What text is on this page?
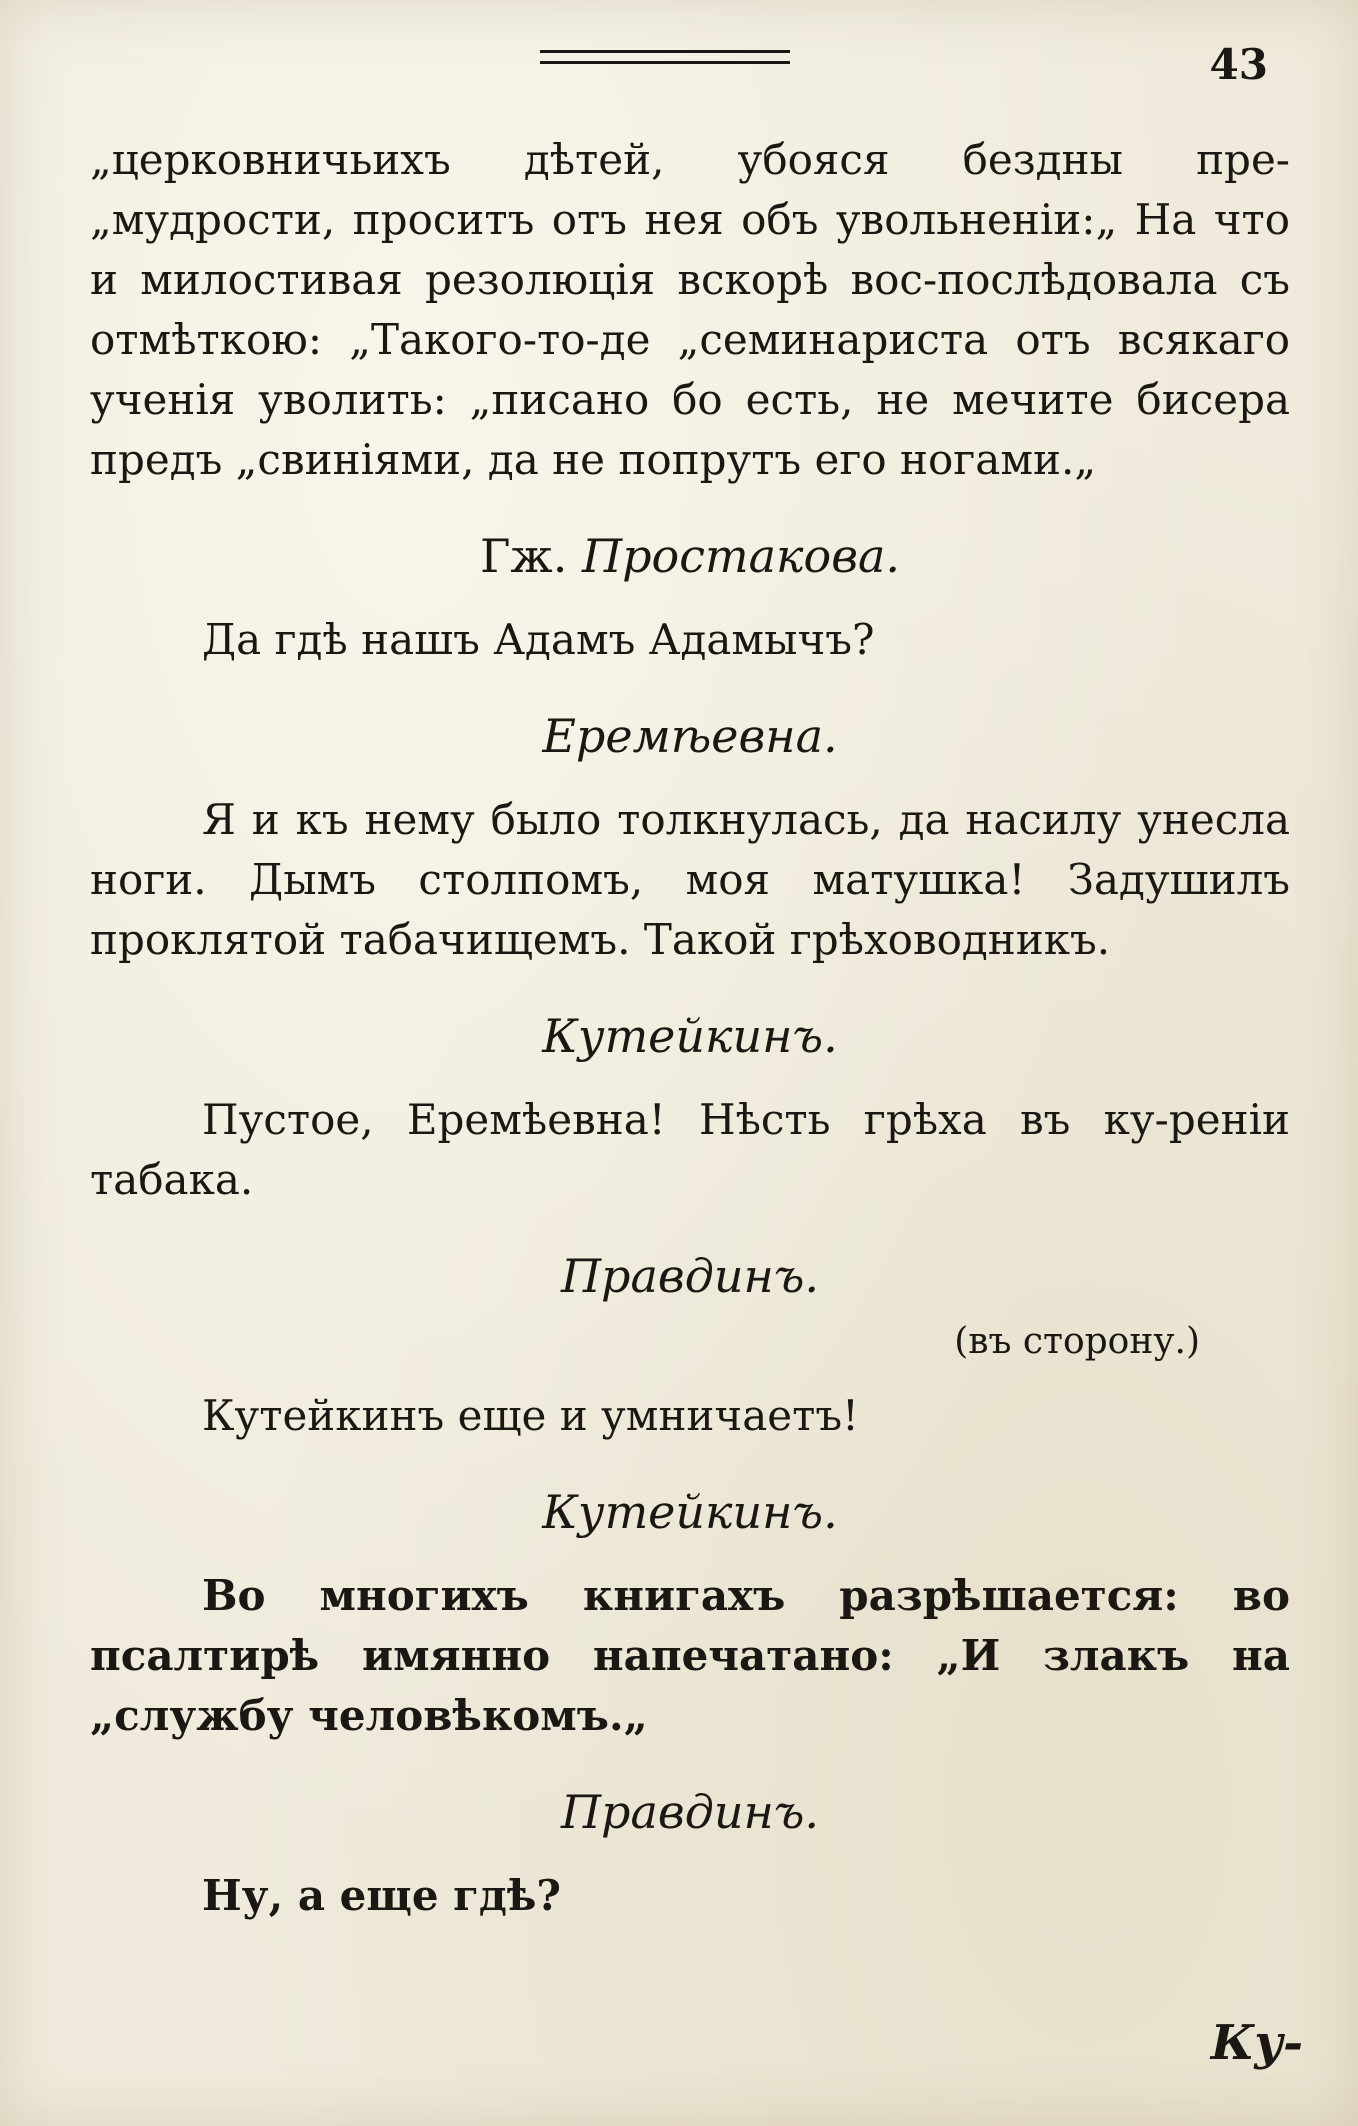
43

„церковничьихъ дѣтей, убояся бездны пре-„мудрости, проситъ отъ нея объ увольненіи:„ На что и милостивая резолюція вскорѣ вос-послѣдовала съ отмѣткою: „Такого-то-де „семинариста отъ всякаго ученія уволить: „писано бо есть, не мечите бисера предъ „свиніями, да не попрутъ его ногами.„

Гж. Простакова.

Да гдѣ нашъ Адамъ Адамычъ?

Еремѣевна.

Я и къ нему было толкнулась, да насилу унесла ноги. Дымъ столпомъ, моя матушка! Задушилъ проклятой табачищемъ. Такой грѣховодникъ.

Кутейкинъ.

Пустое, Еремѣевна! Нѣсть грѣха въ ку-реніи табака.

Правдинъ.
(въ сторону.)

Кутейкинъ еще и умничаетъ!

Кутейкинъ.

Во многихъ книгахъ разрѣшается: во псалтирѣ имянно напечатано: „И злакъ на „службу человѣкомъ.„

Правдинъ.

Ну, а еще гдѣ?

Ку-
